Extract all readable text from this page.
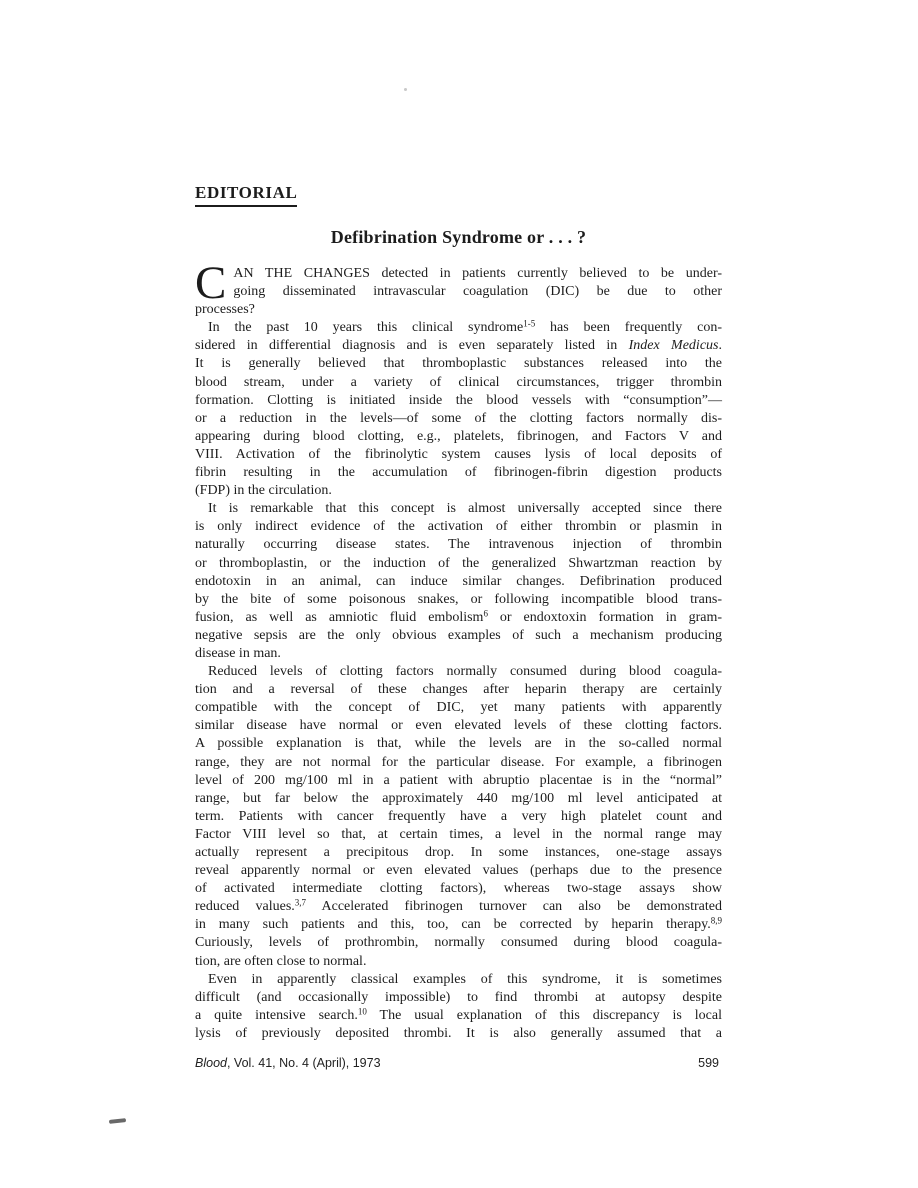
EDITORIAL
Defibrination Syndrome or . . . ?
C AN THE CHANGES detected in patients currently believed to be under-
going disseminated intravascular coagulation (DIC) be due to other
processes?
In the past 10 years this clinical syndrome$^{1-5}$ has been frequently con-
sidered in differential diagnosis and is even separately listed in Index Medicus.
It is generally believed that thromboplastic substances released into the
blood stream, under a variety of clinical circumstances, trigger thrombin
formation. Clotting is initiated inside the blood vessels with “consumption”—
or a reduction in the levels—of some of the clotting factors normally dis-
appearing during blood clotting, e.g., platelets, fibrinogen, and Factors V and
VIII. Activation of the fibrinolytic system causes lysis of local deposits of
fibrin resulting in the accumulation of fibrinogen-fibrin digestion products
(FDP) in the circulation.
It is remarkable that this concept is almost universally accepted since there
is only indirect evidence of the activation of either thrombin or plasmin in
naturally occurring disease states. The intravenous injection of thrombin
or thromboplastin, or the induction of the generalized Shwartzman reaction by
endotoxin in an animal, can induce similar changes. Defibrination produced
by the bite of some poisonous snakes, or following incompatible blood trans-
fusion, as well as amniotic fluid embolism$^6$ or endoxtoxin formation in gram-
negative sepsis are the only obvious examples of such a mechanism producing
disease in man.
Reduced levels of clotting factors normally consumed during blood coagula-
tion and a reversal of these changes after heparin therapy are certainly
compatible with the concept of DIC, yet many patients with apparently
similar disease have normal or even elevated levels of these clotting factors.
A possible explanation is that, while the levels are in the so-called normal
range, they are not normal for the particular disease. For example, a fibrinogen
level of 200 mg/100 ml in a patient with abruptio placentae is in the “normal”
range, but far below the approximately 440 mg/100 ml level anticipated at
term. Patients with cancer frequently have a very high platelet count and
Factor VIII level so that, at certain times, a level in the normal range may
actually represent a precipitous drop. In some instances, one-stage assays
reveal apparently normal or even elevated values (perhaps due to the presence
of activated intermediate clotting factors), whereas two-stage assays show
reduced values.$^{3,7}$ Accelerated fibrinogen turnover can also be demonstrated
in many such patients and this, too, can be corrected by heparin therapy.$^{8,9}$
Curiously, levels of prothrombin, normally consumed during blood coagula-
tion, are often close to normal.
Even in apparently classical examples of this syndrome, it is sometimes
difficult (and occasionally impossible) to find thrombi at autopsy despite
a quite intensive search.$^{10}$ The usual explanation of this discrepancy is local
lysis of previously deposited thrombi. It is also generally assumed that a
Blood, Vol. 41, No. 4 (April), 1973	599
